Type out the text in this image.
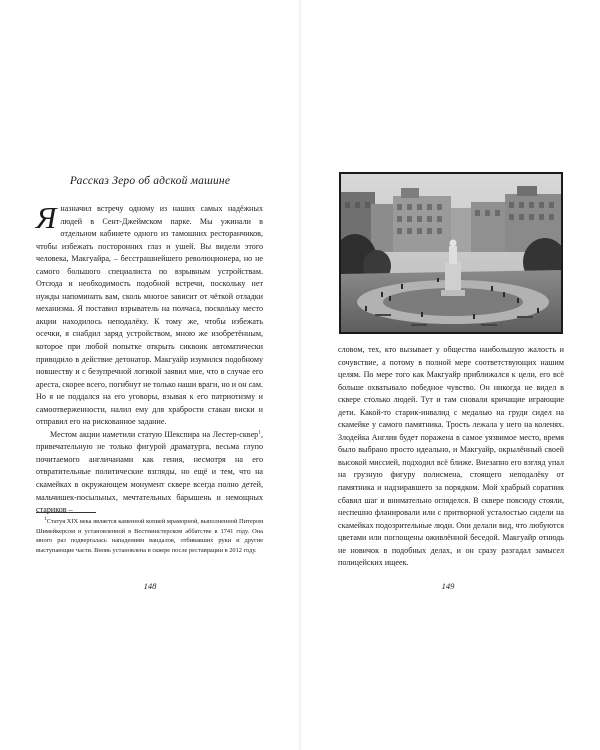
Рассказ Зеро об адской машине

Яназначил встречу одному из наших самых надёжных людей в Сент-Джеймском парке. Мы ужинали в отдельном кабинете одного из тамошних ресторанчиков, чтобы избежать посторонних глаз и ушей. Вы видели этого человека, Макгуайра, – бесстрашнейшего революционера, но не самого большого специалиста по взрывным устройствам. Отсюда и необходимость подобной встречи, поскольку нет нужды напоминать вам, сколь многое зависит от чёткой отладки механизма. Я поставил взрыватель на полчаса, поскольку место акции находилось неподалёку. К тому же, чтобы избежать осечки, я снабдил заряд устройством, мною же изобретённым, которое при любой попытке открыть сиквоик автоматически приводило в действие детонатор. Макгуайр изумился подобному новшеству и с безупречной логикой заявил мне, что в случае его ареста, скорее всего, погибнут не только наши враги, но и он сам. Но я не поддался на его уговоры, взывая к его патриотизму и самоотверженности, налил ему для храбрости стакан виски и отправил его на рискованное задание.

Местом акции наметили статую Шекспира на Лестер-сквер$^1$, привечательную не только фигурой драматурга, весьма глупо почитаемого англичанами как гения, несмотря на его отвратительные политические взгляды, но ещё и тем, что на скамейках в окружающем монумент сквере всегда полно детей, мальчишек-посыльных, мечтательных барышень и немощных стариков –

$^1$Статуя XIX века является каменной копией мраморной, выполненной Питером Шимейкерсом и установленной в Вестминстерском аббатстве в 1741 году. Она много раз подвергалась нападениям вандалов, отбивавших руки и другие выступающие части. Вновь установлена в сквере после реставрации в 2012 году.
148

словом, тех, кто вызывает у общества наибольшую жалость и сочувствие, а потому в полной мере соответствующих нашим целям. По мере того как Макгуайр приближался к цели, его всё больше охватывало победное чувство. Он никогда не видел в сквере столько людей. Тут и там сновали кричащие играющие дети. Какой-то старик-инвалид с медалью на груди сидел на скамейке у самого памятника. Трость лежала у него на коленях. Злодейка Англия будет поражена в самое уязвимое место, время было выбрано просто идеально, и Макгуайр, окрылённый своей высокой миссией, подходил всё ближе. Внезапно его взгляд упал на грузную фигуру полисмена, стоящего неподалёку от памятника и надзиравшего за порядком. Мой храбрый соратник сбавил шаг и внимательно огляделся. В сквере повсюду стояли, неспешно фланировали или с притворной усталостью сидели на скамейках подозрительные люди. Они делали вид, что любуются цветами или поглощены оживлённой беседой. Макгуайр отнюдь не новичок в подобных делах, и он сразу разгадал замысел полицейских ищеек.

149
